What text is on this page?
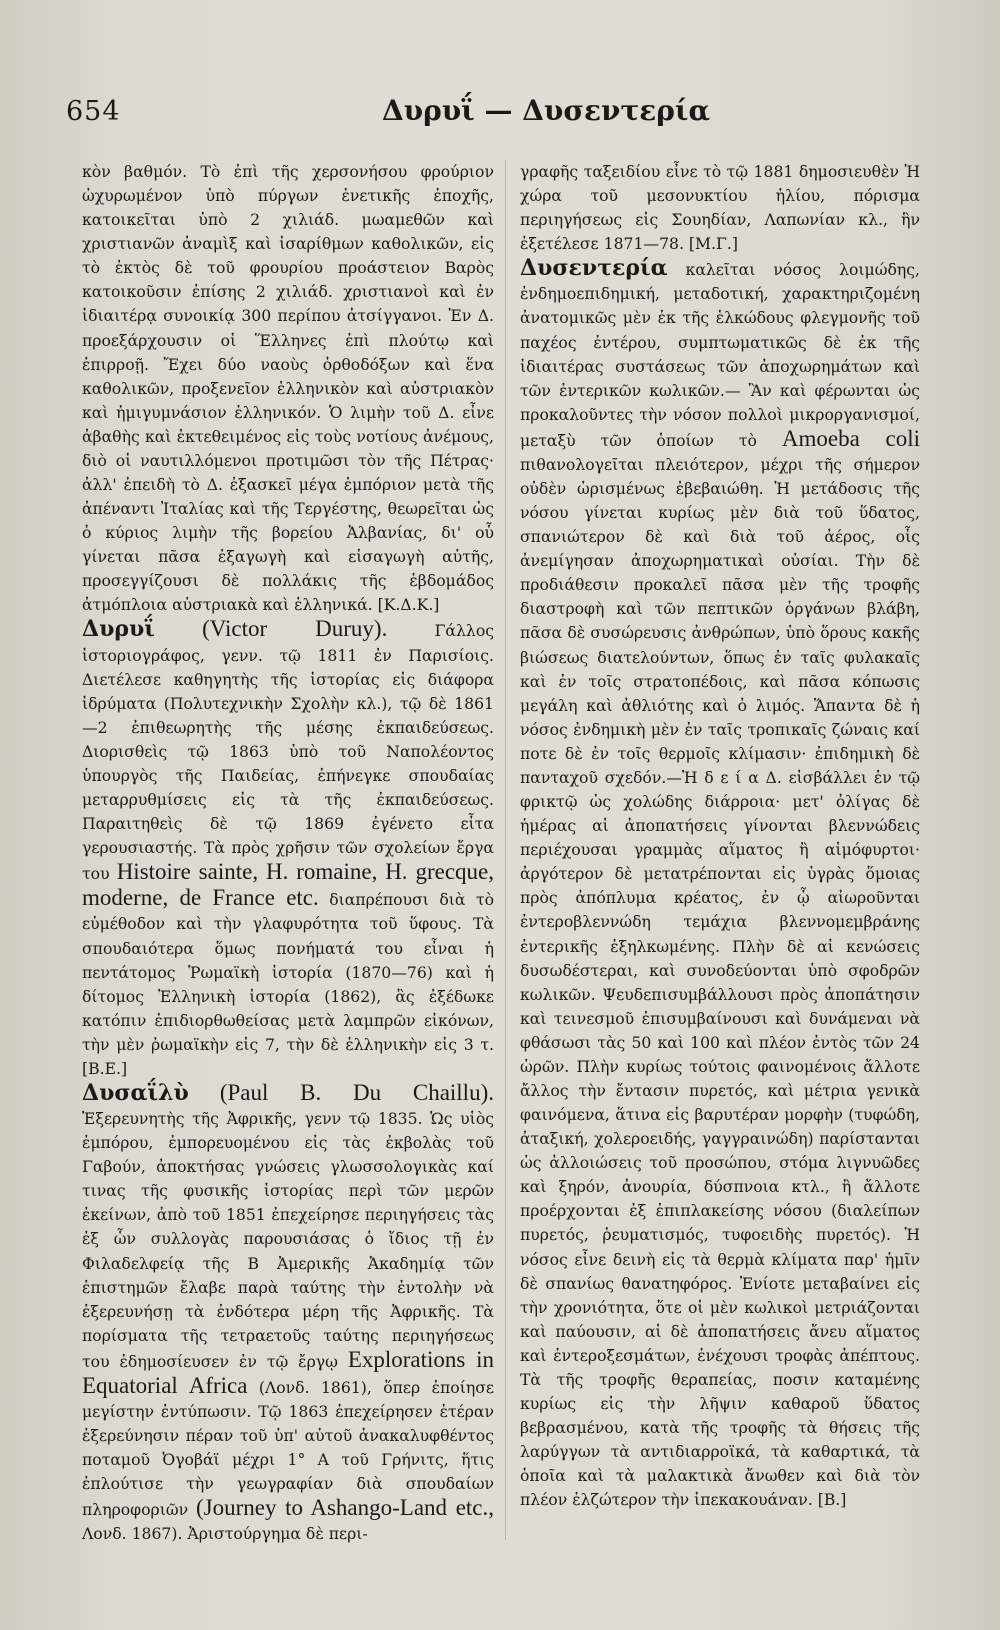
654	Δυρυΐ — Δυσεντερία

κὸν βαθμόν. Τὸ ἐπὶ τῆς χερσονήσου φρούριον ὠχυρωμένον ὑπὸ πύργων ἐνετικῆς ἐποχῆς, κατοικεῖται ὑπὸ 2 χιλιάδ. μωαμεθῶν καὶ χριστιανῶν ἀναμὶξ καὶ ἰσαρίθμων καθολικῶν, εἰς τὸ ἐκτὸς δὲ τοῦ φρουρίου προάστειον Βαρὸς κατοικοῦσιν ἐπίσης 2 χιλιάδ. χριστιανοὶ καὶ ἐν ἰδιαιτέρᾳ συνοικίᾳ 300 περίπου ἀτσίγγανοι. Ἐν Δ. προεξάρχουσιν οἱ Ἕλληνες ἐπὶ πλούτῳ καὶ ἐπιρροῇ. Ἔχει δύο ναοὺς ὀρθοδόξων καὶ ἕνα καθολικῶν, προξενεῖον ἑλληνικὸν καὶ αὐστριακὸν καὶ ἡμιγυμνάσιον ἑλληνικόν. Ὁ λιμὴν τοῦ Δ. εἶνε ἀβαθὴς καὶ ἐκτεθειμένος εἰς τοὺς νοτίους ἀνέμους, διὸ οἱ ναυτιλλόμενοι προτιμῶσι τὸν τῆς Πέτρας· ἀλλ' ἐπειδὴ τὸ Δ. ἐξασκεῖ μέγα ἐμπόριον μετὰ τῆς ἀπέναντι Ἰταλίας καὶ τῆς Τεργέστης, θεωρεῖται ὡς ὁ κύριος λιμὴν τῆς βορείου Ἀλβανίας, δι' οὗ γίνεται πᾶσα ἐξαγωγὴ καὶ εἰσαγωγὴ αὐτῆς, προσεγγίζουσι δὲ πολλάκις τῆς ἑβδομάδος ἀτμόπλοια αὐστριακὰ καὶ ἑλληνικά. [Κ.Δ.Κ.]

Δυρυΐ (Victor Duruy). Γάλλος ἱστοριογράφος, γενν. τῷ 1811 ἐν Παρισίοις. Διετέλεσε καθηγητὴς τῆς ἱστορίας εἰς διάφορα ἱδρύματα (Πολυτεχνικὴν Σχολὴν κλ.), τῷ δὲ 1861—2 ἐπιθεωρητὴς τῆς μέσης ἐκπαιδεύσεως. Διορισθεὶς τῷ 1863 ὑπὸ τοῦ Ναπολέοντος ὑπουργὸς τῆς Παιδείας, ἐπήνεγκε σπουδαίας μεταρρυθμίσεις εἰς τὰ τῆς ἐκπαιδεύσεως. Παραιτηθεὶς δὲ τῷ 1869 ἐγένετο εἶτα γερουσιαστής. Τὰ πρὸς χρῆσιν τῶν σχολείων ἔργα του Histoire sainte, H. romaine, H. grecque, moderne, de France etc. διαπρέπουσι διὰ τὸ εὐμέθοδον καὶ τὴν γλαφυρότητα τοῦ ὕφους. Τὰ σπουδαιότερα ὅμως πονήματά του εἶναι ἡ πεντάτομος Ῥωμαϊκὴ ἱστορία (1870—76) καὶ ἡ δίτομος Ἑλληνικὴ ἱστορία (1862), ἃς ἐξέδωκε κατόπιν ἐπιδιορθωθείσας μετὰ λαμπρῶν εἰκόνων, τὴν μὲν ῥωμαϊκὴν εἰς 7, τὴν δὲ ἑλληνικὴν εἰς 3 τ. [Β.Ε.]

Δυσαΐλὺ (Paul B. Du Chaillu). Ἐξερευνητὴς τῆς Ἀφρικῆς, γενν τῷ 1835. Ὡς υἱὸς ἐμπόρου, ἐμπορευομένου εἰς τὰς ἐκβολὰς τοῦ Γαβούν, ἀποκτήσας γνώσεις γλωσσολογικὰς καί τινας τῆς φυσικῆς ἱστορίας περὶ τῶν μερῶν ἐκείνων, ἀπὸ τοῦ 1851 ἐπεχείρησε περιηγήσεις τὰς ἐξ ὧν συλλογὰς παρουσιάσας ὁ ἴδιος τῇ ἐν Φιλαδελφείᾳ τῆς Β Ἀμερικῆς Ἀκαδημίᾳ τῶν ἐπιστημῶν ἔλαβε παρὰ ταύτης τὴν ἐντολὴν νὰ ἐξερευνήσῃ τὰ ἐνδότερα μέρη τῆς Ἀφρικῆς. Τὰ πορίσματα τῆς τετραετοῦς ταύτης περιηγήσεως του ἐδημοσίευσεν ἐν τῷ ἔργῳ Explorations in Equatorial Africa (Λονδ. 1861), ὅπερ ἐποίησε μεγίστην ἐντύπωσιν. Τῷ 1863 ἐπεχείρησεν ἑτέραν ἐξερεύνησιν πέραν τοῦ ὑπ' αὐτοῦ ἀνακαλυφθέντος ποταμοῦ Ὀγοβάϊ μέχρι 1° Α τοῦ Γρήνιτς, ἥτις ἐπλούτισε τὴν γεωγραφίαν διὰ σπουδαίων πληροφοριῶν (Journey to Ashango-Land etc., Λονδ. 1867). Ἀριστούργημα δὲ περι-

γραφῆς ταξειδίου εἶνε τὸ τῷ 1881 δημοσιευθὲν Ἡ χώρα τοῦ μεσονυκτίου ἡλίου, πόρισμα περιηγήσεως εἰς Σουηδίαν, Λαπωνίαν κλ., ἣν ἐξετέλεσε 1871—78. [Μ.Γ.]

Δυσεντερία καλεῖται νόσος λοιμώδης, ἐνδημοεπιδημική, μεταδοτική, χαρακτηριζομένη ἀνατομικῶς μὲν ἐκ τῆς ἑλκώδους φλεγμονῆς τοῦ παχέος ἐντέρου, συμπτωματικῶς δὲ ἐκ τῆς ἰδιαιτέρας συστάσεως τῶν ἀποχωρημάτων καὶ τῶν ἐντερικῶν κωλικῶν.— Ἂν καὶ φέρωνται ὡς προκαλοῦντες τὴν νόσον πολλοὶ μικροργανισμοί, μεταξὺ τῶν ὁποίων τὸ Amoeba coli πιθανολογεῖται πλειότερον, μέχρι τῆς σήμερον οὐδὲν ὡρισμένως ἐβεβαιώθη. Ἡ μετάδοσις τῆς νόσου γίνεται κυρίως μὲν διὰ τοῦ ὕδατος, σπανιώτερον δὲ καὶ διὰ τοῦ ἀέρος, οἷς ἀνεμίγησαν ἀποχωρηματικαὶ οὐσίαι. Τὴν δὲ προδιάθεσιν προκαλεῖ πᾶσα μὲν τῆς τροφῆς διαστροφὴ καὶ τῶν πεπτικῶν ὀργάνων βλάβη, πᾶσα δὲ συσώρευσις ἀνθρώπων, ὑπὸ ὅρους κακῆς βιώσεως διατελούντων, ὅπως ἐν ταῖς φυλακαῖς καὶ ἐν τοῖς στρατοπέδοις, καὶ πᾶσα κόπωσις μεγάλη καὶ ἀθλιότης καὶ ὁ λιμός. Ἅπαντα δὲ ἡ νόσος ἐνδημικὴ μὲν ἐν ταῖς τροπικαῖς ζώναις καί ποτε δὲ ἐν τοῖς θερμοῖς κλίμασιν· ἐπιδημικὴ δὲ πανταχοῦ σχεδόν.—Ἡ δ ε ί α Δ. εἰσβάλλει ἐν τῷ φρικτῷ ὡς χολώδης διάρροια· μετ' ὀλίγας δὲ ἡμέρας αἱ ἀποπατήσεις γίνονται βλεννώδεις περιέχουσαι γραμμὰς αἵματος ἢ αἱμόφυρτοι· ἀργότερον δὲ μετατρέπονται εἰς ὑγρὰς ὅμοιας πρὸς ἀπόπλυμα κρέατος, ἐν ᾧ αἰωροῦνται ἐντεροβλεννώδη τεμάχια βλεννομεμβράνης ἐντερικῆς ἐξηλκωμένης. Πλὴν δὲ αἱ κενώσεις δυσωδέστεραι, καὶ συνοδεύονται ὑπὸ σφοδρῶν κωλικῶν. Ψευδεπισυμβάλλουσι πρὸς ἀποπάτησιν καὶ τεινεσμοῦ ἐπισυμβαίνουσι καὶ δυνάμεναι νὰ φθάσωσι τὰς 50 καὶ 100 καὶ πλέον ἐντὸς τῶν 24 ὡρῶν. Πλὴν κυρίως τούτοις φαινομένοις ἄλλοτε ἄλλος τὴν ἔντασιν πυρετός, καὶ μέτρια γενικὰ φαινόμενα, ἅτινα εἰς βαρυτέραν μορφὴν (τυφώδη, ἀταξική, χολεροειδής, γαγγραινώδη) παρίστανται ὡς ἀλλοιώσεις τοῦ προσώπου, στόμα λιγνυῶδες καὶ ξηρόν, ἀνουρία, δύσπνοια κτλ., ἢ ἄλλοτε προέρχονται ἐξ ἐπιπλακείσης νόσου (διαλείπων πυρετός, ῥευματισμός, τυφοειδὴς πυρετός). Ἡ νόσος εἶνε δεινὴ εἰς τὰ θερμὰ κλίματα παρ' ἡμῖν δὲ σπανίως θανατηφόρος. Ἐνίοτε μεταβαίνει εἰς τὴν χρονιότητα, ὅτε οἱ μὲν κωλικοὶ μετριάζονται καὶ παύουσιν, αἱ δὲ ἀποπατήσεις ἄνευ αἵματος καὶ ἐντεροξεσμάτων, ἐνέχουσι τροφὰς ἀπέπτους. Τὰ τῆς τροφῆς θεραπείας, ποσιν καταμένης κυρίως εἰς τὴν λῆψιν καθαροῦ ὕδατος βεβρασμένου, κατὰ τῆς τροφῆς τὰ θήσεις τῆς λαρύγγων τὰ αντιδιαρροϊκά, τὰ καθαρτικά, τὰ ὁποῖα καὶ τὰ μαλακτικὰ ἄνωθεν καὶ διὰ τὸν πλέον ἐλζώτερον τὴν ἰπεκακουάναν. [Β.]
